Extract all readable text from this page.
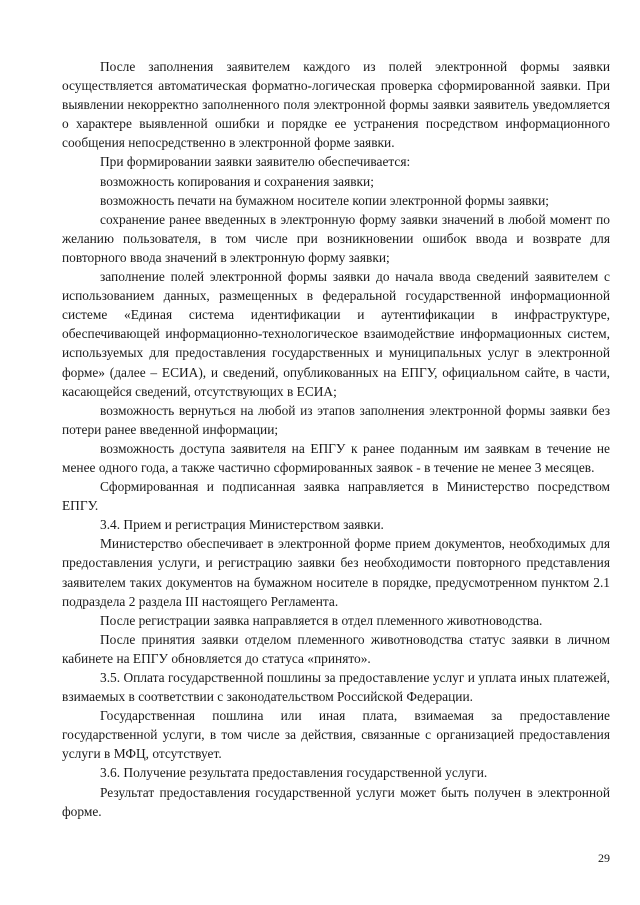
После заполнения заявителем каждого из полей электронной формы заявки осуществляется автоматическая форматно-логическая проверка сформированной заявки. При выявлении некорректно заполненного поля электронной формы заявки заявитель уведомляется о характере выявленной ошибки и порядке ее устранения посредством информационного сообщения непосредственно в электронной форме заявки.

При формировании заявки заявителю обеспечивается:

возможность копирования и сохранения заявки;

возможность печати на бумажном носителе копии электронной формы заявки;

сохранение ранее введенных в электронную форму заявки значений в любой момент по желанию пользователя, в том числе при возникновении ошибок ввода и возврате для повторного ввода значений в электронную форму заявки;

заполнение полей электронной формы заявки до начала ввода сведений заявителем с использованием данных, размещенных в федеральной государственной информационной системе «Единая система идентификации и аутентификации в инфраструктуре, обеспечивающей информационно-технологическое взаимодействие информационных систем, используемых для предоставления государственных и муниципальных услуг в электронной форме» (далее – ЕСИА), и сведений, опубликованных на ЕПГУ, официальном сайте, в части, касающейся сведений, отсутствующих в ЕСИА;

возможность вернуться на любой из этапов заполнения электронной формы заявки без потери ранее введенной информации;

возможность доступа заявителя на ЕПГУ к ранее поданным им заявкам в течение не менее одного года, а также частично сформированных заявок - в течение не менее 3 месяцев.

Сформированная и подписанная заявка направляется в Министерство посредством ЕПГУ.

3.4. Прием и регистрация Министерством заявки.

Министерство обеспечивает в электронной форме прием документов, необходимых для предоставления услуги, и регистрацию заявки без необходимости повторного представления заявителем таких документов на бумажном носителе в порядке, предусмотренном пунктом 2.1 подраздела 2 раздела III настоящего Регламента.

После регистрации заявка направляется в отдел племенного животноводства.

После принятия заявки отделом племенного животноводства статус заявки в личном кабинете на ЕПГУ обновляется до статуса «принято».

3.5. Оплата государственной пошлины за предоставление услуг и уплата иных платежей, взимаемых в соответствии с законодательством Российской Федерации.

Государственная пошлина или иная плата, взимаемая за предоставление государственной услуги, в том числе за действия, связанные с организацией предоставления услуги в МФЦ, отсутствует.

3.6. Получение результата предоставления государственной услуги.

Результат предоставления государственной услуги может быть получен в электронной форме.

29
